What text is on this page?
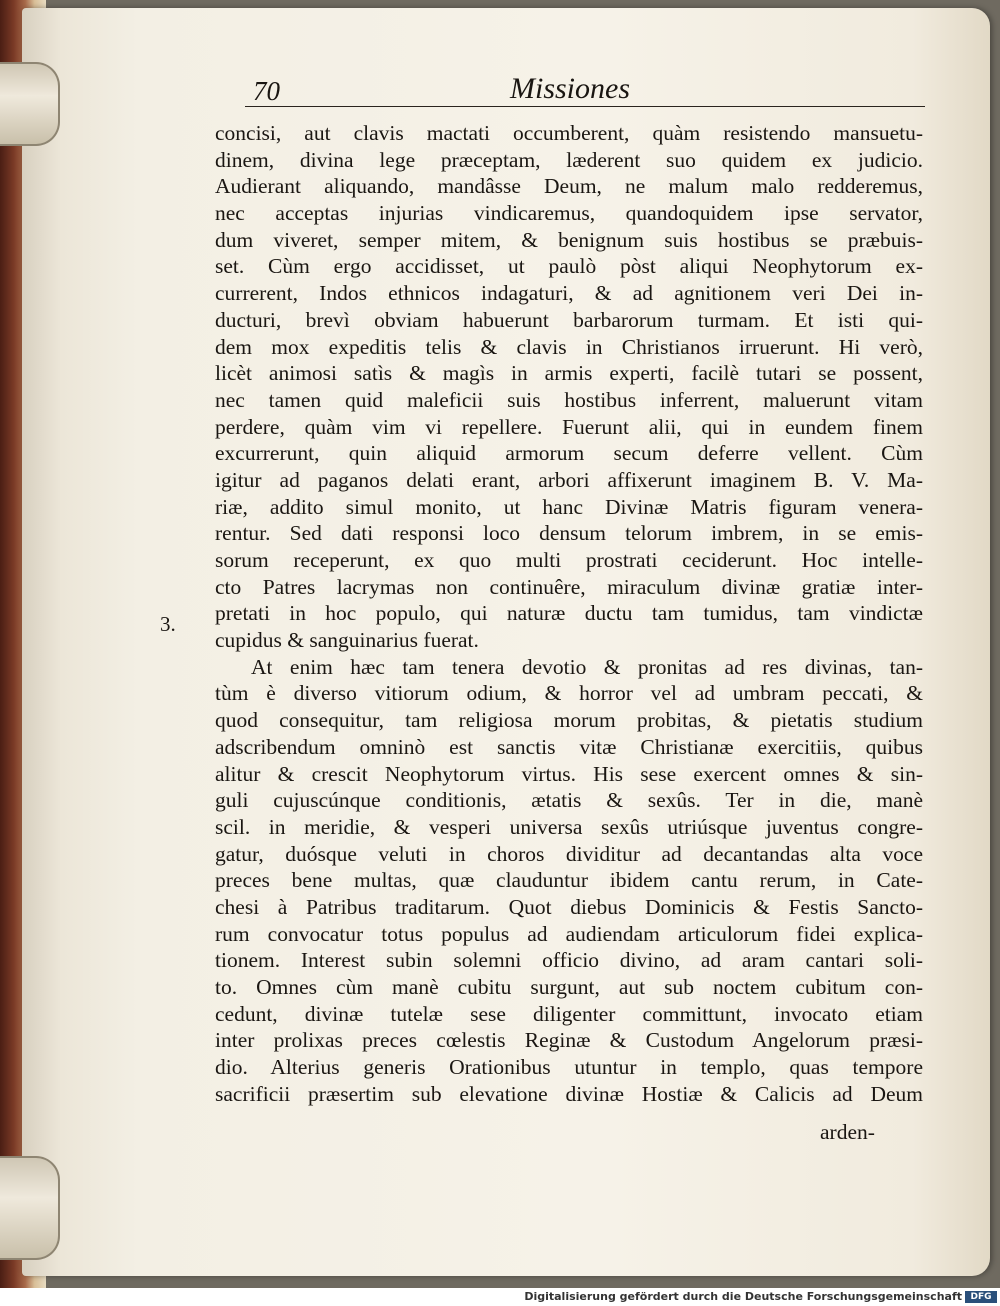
70	Missiones
concisi, aut clavis mactati occumberent, quàm resistendo mansuetu-
dinem, divina lege præceptam, læderent suo quidem ex judicio.
Audierant aliquando, mandâsse Deum, ne malum malo redderemus,
nec acceptas injurias vindicaremus, quandoquidem ipse servator,
dum viveret, semper mitem, & benignum suis hostibus se præbuis-
set. Cùm ergo accidisset, ut paulò pòst aliqui Neophytorum ex-
currerent, Indos ethnicos indagaturi, & ad agnitionem veri Dei in-
ducturi, brevì obviam habuerunt barbarorum turmam. Et isti qui-
dem mox expeditis telis & clavis in Christianos irruerunt. Hi verò,
licèt animosi satìs & magìs in armis experti, facilè tutari se possent,
nec tamen quid maleficii suis hostibus inferrent, maluerunt vitam
perdere, quàm vim vi repellere. Fuerunt alii, qui in eundem finem
excurrerunt, quin aliquid armorum secum deferre vellent. Cùm
igitur ad paganos delati erant, arbori affixerunt imaginem B. V. Ma-
riæ, addito simul monito, ut hanc Divinæ Matris figuram venera-
rentur. Sed dati responsi loco densum telorum imbrem, in se emis-
sorum receperunt, ex quo multi prostrati ceciderunt. Hoc intelle-
cto Patres lacrymas non continuêre, miraculum divinæ gratiæ inter-
pretati in hoc populo, qui naturæ ductu tam tumidus, tam vindictæ
cupidus & sanguinarius fuerat.
At enim hæc tam tenera devotio & pronitas ad res divinas, tan-
tùm è diverso vitiorum odium, & horror vel ad umbram peccati, &
quod consequitur, tam religiosa morum probitas, & pietatis studium
adscribendum omninò est sanctis vitæ Christianæ exercitiis, quibus
alitur & crescit Neophytorum virtus. His sese exercent omnes & sin-
guli cujuscúnque conditionis, ætatis & sexûs. Ter in die, manè
scil. in meridie, & vesperi universa sexûs utriúsque juventus congre-
gatur, duósque veluti in choros dividitur ad decantandas alta voce
preces bene multas, quæ clauduntur ibidem cantu rerum, in Cate-
chesi à Patribus traditarum. Quot diebus Dominicis & Festis Sancto-
rum convocatur totus populus ad audiendam articulorum fidei explica-
tionem. Interest subin solemni officio divino, ad aram cantari soli-
to. Omnes cùm manè cubitu surgunt, aut sub noctem cubitum con-
cedunt, divinæ tutelæ sese diligenter committunt, invocato etiam
inter prolixas preces cœlestis Reginæ & Custodum Angelorum præsi-
dio. Alterius generis Orationibus utuntur in templo, quas tempore
sacrificii præsertim sub elevatione divinæ Hostiæ & Calicis ad Deum
3.
arden-
Digitalisierung gefördert durch die Deutsche Forschungsgemeinschaft DFG
